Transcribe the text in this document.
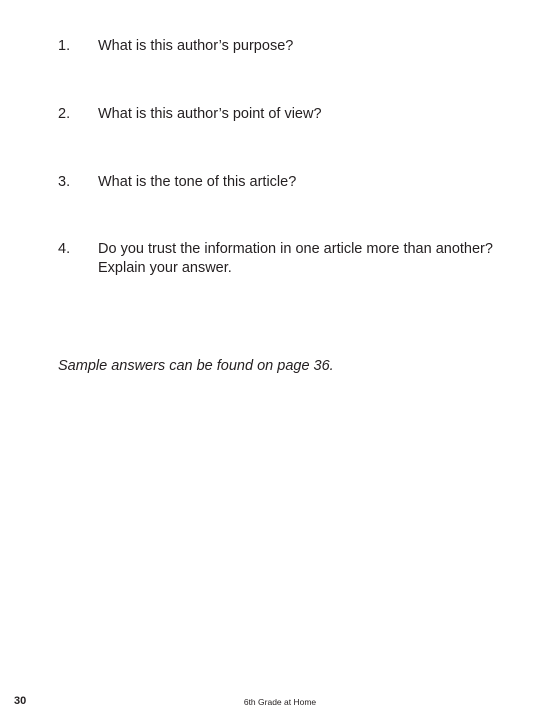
1.	What is this author’s purpose?
2.	What is this author’s point of view?
3.	What is the tone of this article?
4.	Do you trust the information in one article more than another? Explain your answer.
Sample answers can be found on page 36.
30	6th Grade at Home
